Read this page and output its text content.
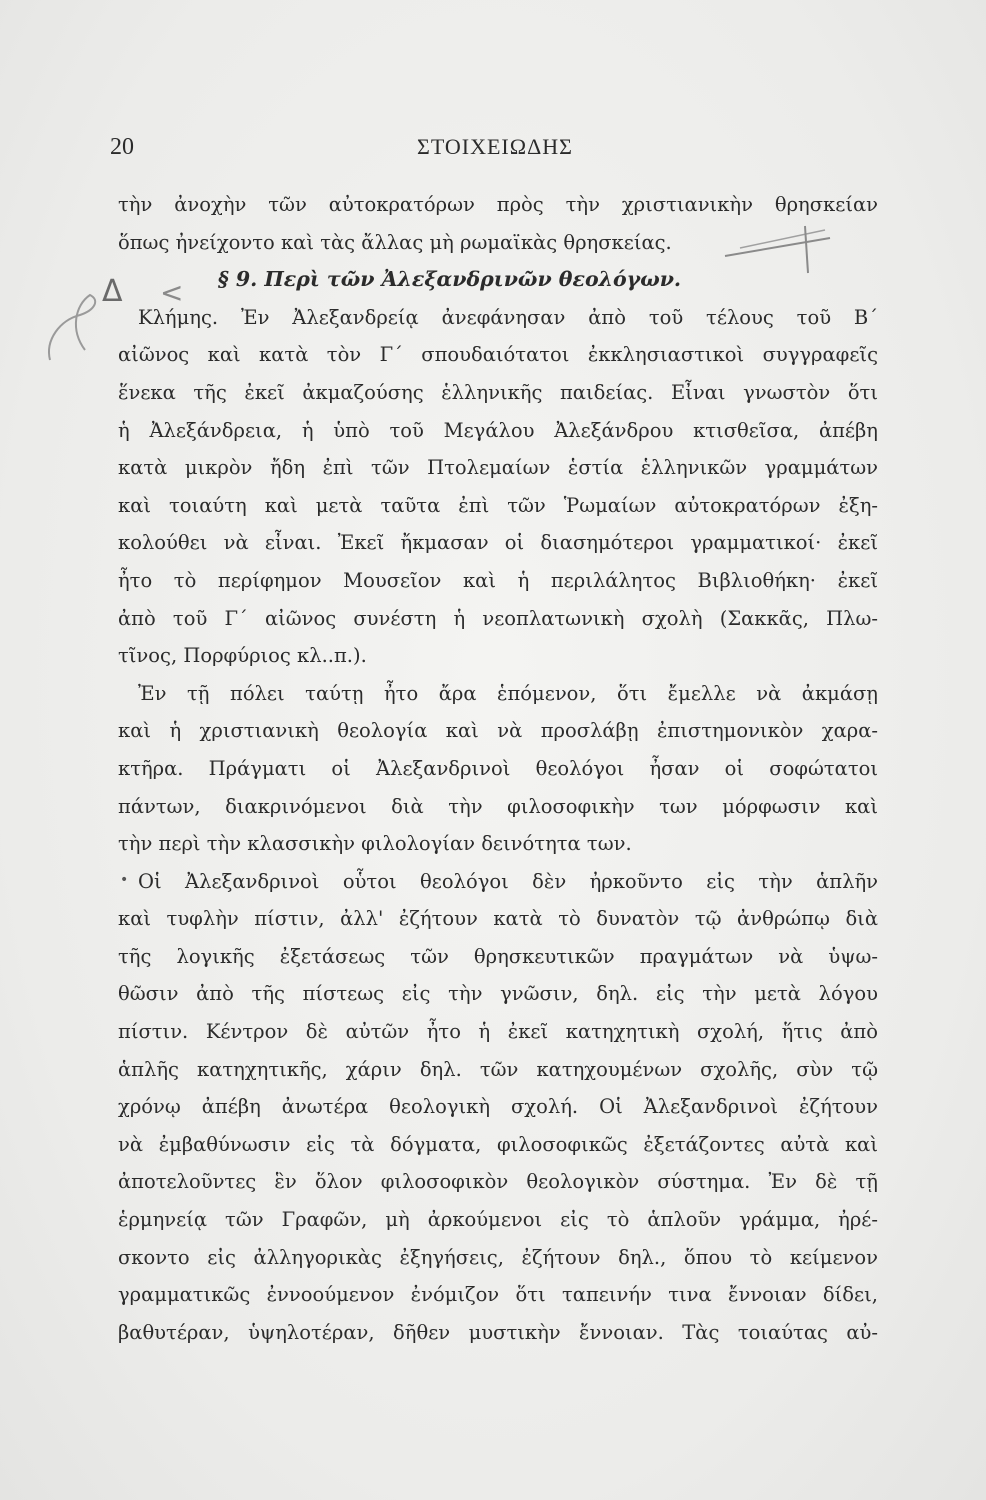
20	ΣΤΟΙΧΕΙΩΔΗΣ
Δ <
τὴν ἀνοχὴν τῶν αὐτοκρατόρων πρὸς τὴν χριστιανικὴν θρησκείαν
ὅπως ἠνείχοντο καὶ τὰς ἄλλας μὴ ρωμαϊκὰς θρησκείας.
§ 9. Περὶ τῶν Ἀλεξανδρινῶν θεολόγων.
Κλήμης. Ἐν Ἀλεξανδρείᾳ ἀνεφάνησαν ἀπὸ τοῦ τέλους τοῦ Β΄
αἰῶνος καὶ κατὰ τὸν Γ΄ σπουδαιότατοι ἐκκλησιαστικοὶ συγγραφεῖς
ἕνεκα τῆς ἐκεῖ ἀκμαζούσης ἑλληνικῆς παιδείας. Εἶναι γνωστὸν ὅτι
ἡ Ἀλεξάνδρεια, ἡ ὑπὸ τοῦ Μεγάλου Ἀλεξάνδρου κτισθεῖσα, ἀπέβη
κατὰ μικρὸν ἤδη ἐπὶ τῶν Πτολεμαίων ἑστία ἑλληνικῶν γραμμάτων
καὶ τοιαύτη καὶ μετὰ ταῦτα ἐπὶ τῶν Ῥωμαίων αὐτοκρατόρων ἐξη-
κολούθει νὰ εἶναι. Ἐκεῖ ἤκμασαν οἱ διασημότεροι γραμματικοί· ἐκεῖ
ἦτο τὸ περίφημον Μουσεῖον καὶ ἡ περιλάλητος Βιβλιοθήκη· ἐκεῖ
ἀπὸ τοῦ Γ΄ αἰῶνος συνέστη ἡ νεοπλατωνικὴ σχολὴ (Σακκᾶς, Πλω-
τῖνος, Πορφύριος κλ..π.).
Ἐν τῇ πόλει ταύτῃ ἦτο ἄρα ἑπόμενον, ὅτι ἔμελλε νὰ ἀκμάσῃ
καὶ ἡ χριστιανικὴ θεολογία καὶ νὰ προσλάβῃ ἐπιστημονικὸν χαρα-
κτῆρα. Πράγματι οἱ Ἀλεξανδρινοὶ θεολόγοι ἦσαν οἱ σοφώτατοι
πάντων, διακρινόμενοι διὰ τὴν φιλοσοφικὴν των μόρφωσιν καὶ
τὴν περὶ τὴν κλασσικὴν φιλολογίαν δεινότητα των.
Οἱ Ἀλεξανδρινοὶ οὗτοι θεολόγοι δὲν ἠρκοῦντο εἰς τὴν ἁπλῆν
καὶ τυφλὴν πίστιν, ἀλλ' ἐζήτουν κατὰ τὸ δυνατὸν τῷ ἀνθρώπῳ διὰ
τῆς λογικῆς ἐξετάσεως τῶν θρησκευτικῶν πραγμάτων νὰ ὑψω-
θῶσιν ἀπὸ τῆς πίστεως εἰς τὴν γνῶσιν, δηλ. εἰς τὴν μετὰ λόγου
πίστιν. Κέντρον δὲ αὐτῶν ἦτο ἡ ἐκεῖ κατηχητικὴ σχολή, ἥτις ἀπὸ
ἁπλῆς κατηχητικῆς, χάριν δηλ. τῶν κατηχουμένων σχολῆς, σὺν τῷ
χρόνῳ ἀπέβη ἀνωτέρα θεολογικὴ σχολή. Οἱ Ἀλεξανδρινοὶ ἐζήτουν
νὰ ἐμβαθύνωσιν εἰς τὰ δόγματα, φιλοσοφικῶς ἐξετάζοντες αὐτὰ καὶ
ἀποτελοῦντες ἓν ὅλον φιλοσοφικὸν θεολογικὸν σύστημα. Ἐν δὲ τῇ
ἑρμηνείᾳ τῶν Γραφῶν, μὴ ἀρκούμενοι εἰς τὸ ἁπλοῦν γράμμα, ἠρέ-
σκοντο εἰς ἀλληγορικὰς ἐξηγήσεις, ἐζήτουν δηλ., ὅπου τὸ κείμενον
γραμματικῶς ἐννοούμενον ἐνόμιζον ὅτι ταπεινήν τινα ἔννοιαν δίδει,
βαθυτέραν, ὑψηλοτέραν, δῆθεν μυστικὴν ἔννοιαν. Τὰς τοιαύτας αὐ-
•
